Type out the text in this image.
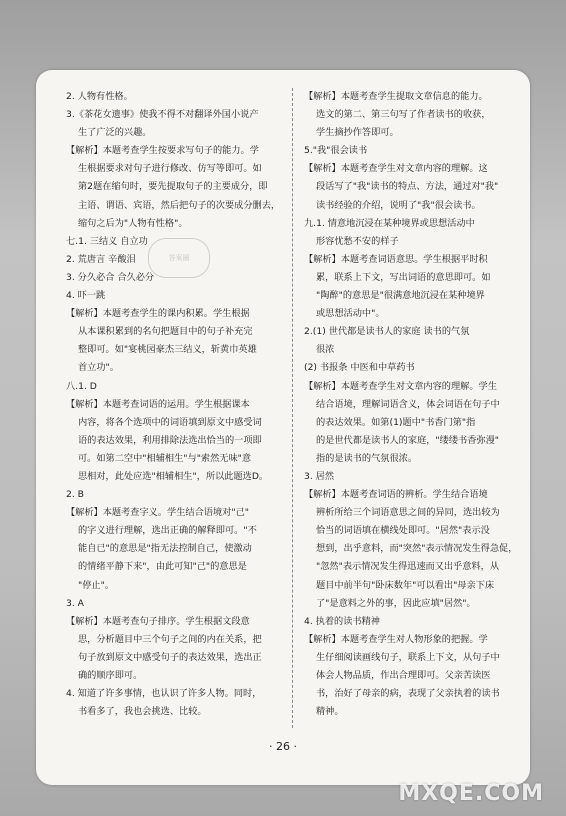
2. 人物有性格。
3.《茶花女遗事》使我不得不对翻译外国小说产
生了广泛的兴趣。
【解析】本题考查学生按要求写句子的能力。学
生根据要求对句子进行修改、仿写等即可。如
第2题在缩句时，要先提取句子的主要成分，即
主语、谓语、宾语，然后把句子的次要成分删去，
缩句之后为"人物有性格"。
七.1. 三结义 自立功
2. 荒唐言 辛酸泪
3. 分久必合 合久必分
4. 吓一跳
【解析】本题考查学生的课内积累。学生根据
从本课积累到的名句把题目中的句子补充完
整即可。如"宴桃园豪杰三结义，斩黄巾英雄
首立功"。
八.1. D
【解析】本题考查词语的运用。学生根据课本
内容，将各个选项中的词语填到原文中感受词
语的表达效果，利用排除法选出恰当的一项即
可。如第二空中"相辅相生"与"索然无味"意
思相对，此处应选"相辅相生"，所以此题选D。
2. B
【解析】本题考查字义。学生结合语境对"己"
的字义进行理解，选出正确的解释即可。"不
能自已"的意思是"指无法控制自己，使激动
的情绪平静下来"，由此可知"己"的意思是
"停止"。
3. A
【解析】本题考查句子排序。学生根据文段意
思，分析题目中三个句子之间的内在关系，把
句子放到原文中感受句子的表达效果，选出正
确的顺序即可。
4. 知道了许多事情，也认识了许多人物。同时，
书看多了，我也会挑选、比较。
【解析】本题考查学生提取文章信息的能力。
选文的第二、第三句写了作者读书的收获，
学生摘抄作答即可。
5."我"很会读书
【解析】本题考查学生对文章内容的理解。这
段话写了"我"读书的特点、方法，通过对"我"
读书经验的介绍，说明了"我"很会读书。
九.1. 情意地沉浸在某种境界或思想活动中
形容忧愁不安的样子
【解析】本题考查词语意思。学生根据平时积
累，联系上下文，写出词语的意思即可。如
"陶醉"的意思是"很满意地沉浸在某种境界
或思想活动中"。
2.(1) 世代都是读书人的家庭 读书的气氛
很浓
(2) 书报条 中医和中草药书
【解析】本题考查学生对文章内容的理解。学生
结合语境，理解词语含义，体会词语在句子中
的表达效果。如第(1)题中"书香门第"指
的是世代都是读书人的家庭，"缕缕书香弥漫"
指的是读书的气氛很浓。
3. 居然
【解析】本题考查词语的辨析。学生结合语境
辨析所给三个词语意思之间的异同，选出较为
恰当的词语填在横线处即可。"居然"表示没
想到，出乎意料，而"突然"表示情况发生得急促，
"忽然"表示情况发生得迅速而又出乎意料，从
题目中前半句"卧床数年"可以看出"母亲下床
了"是意料之外的事，因此应填"居然"。
4. 执着的读书精神
【解析】本题考查学生对人物形象的把握。学
生仔细阅读画线句子，联系上下文，从句子中
体会人物品质，作出合理即可。父亲苦读医
书，治好了母亲的病，表现了父亲执着的读书
精神。
答案圈
· 26 ·
MXQE.COM
